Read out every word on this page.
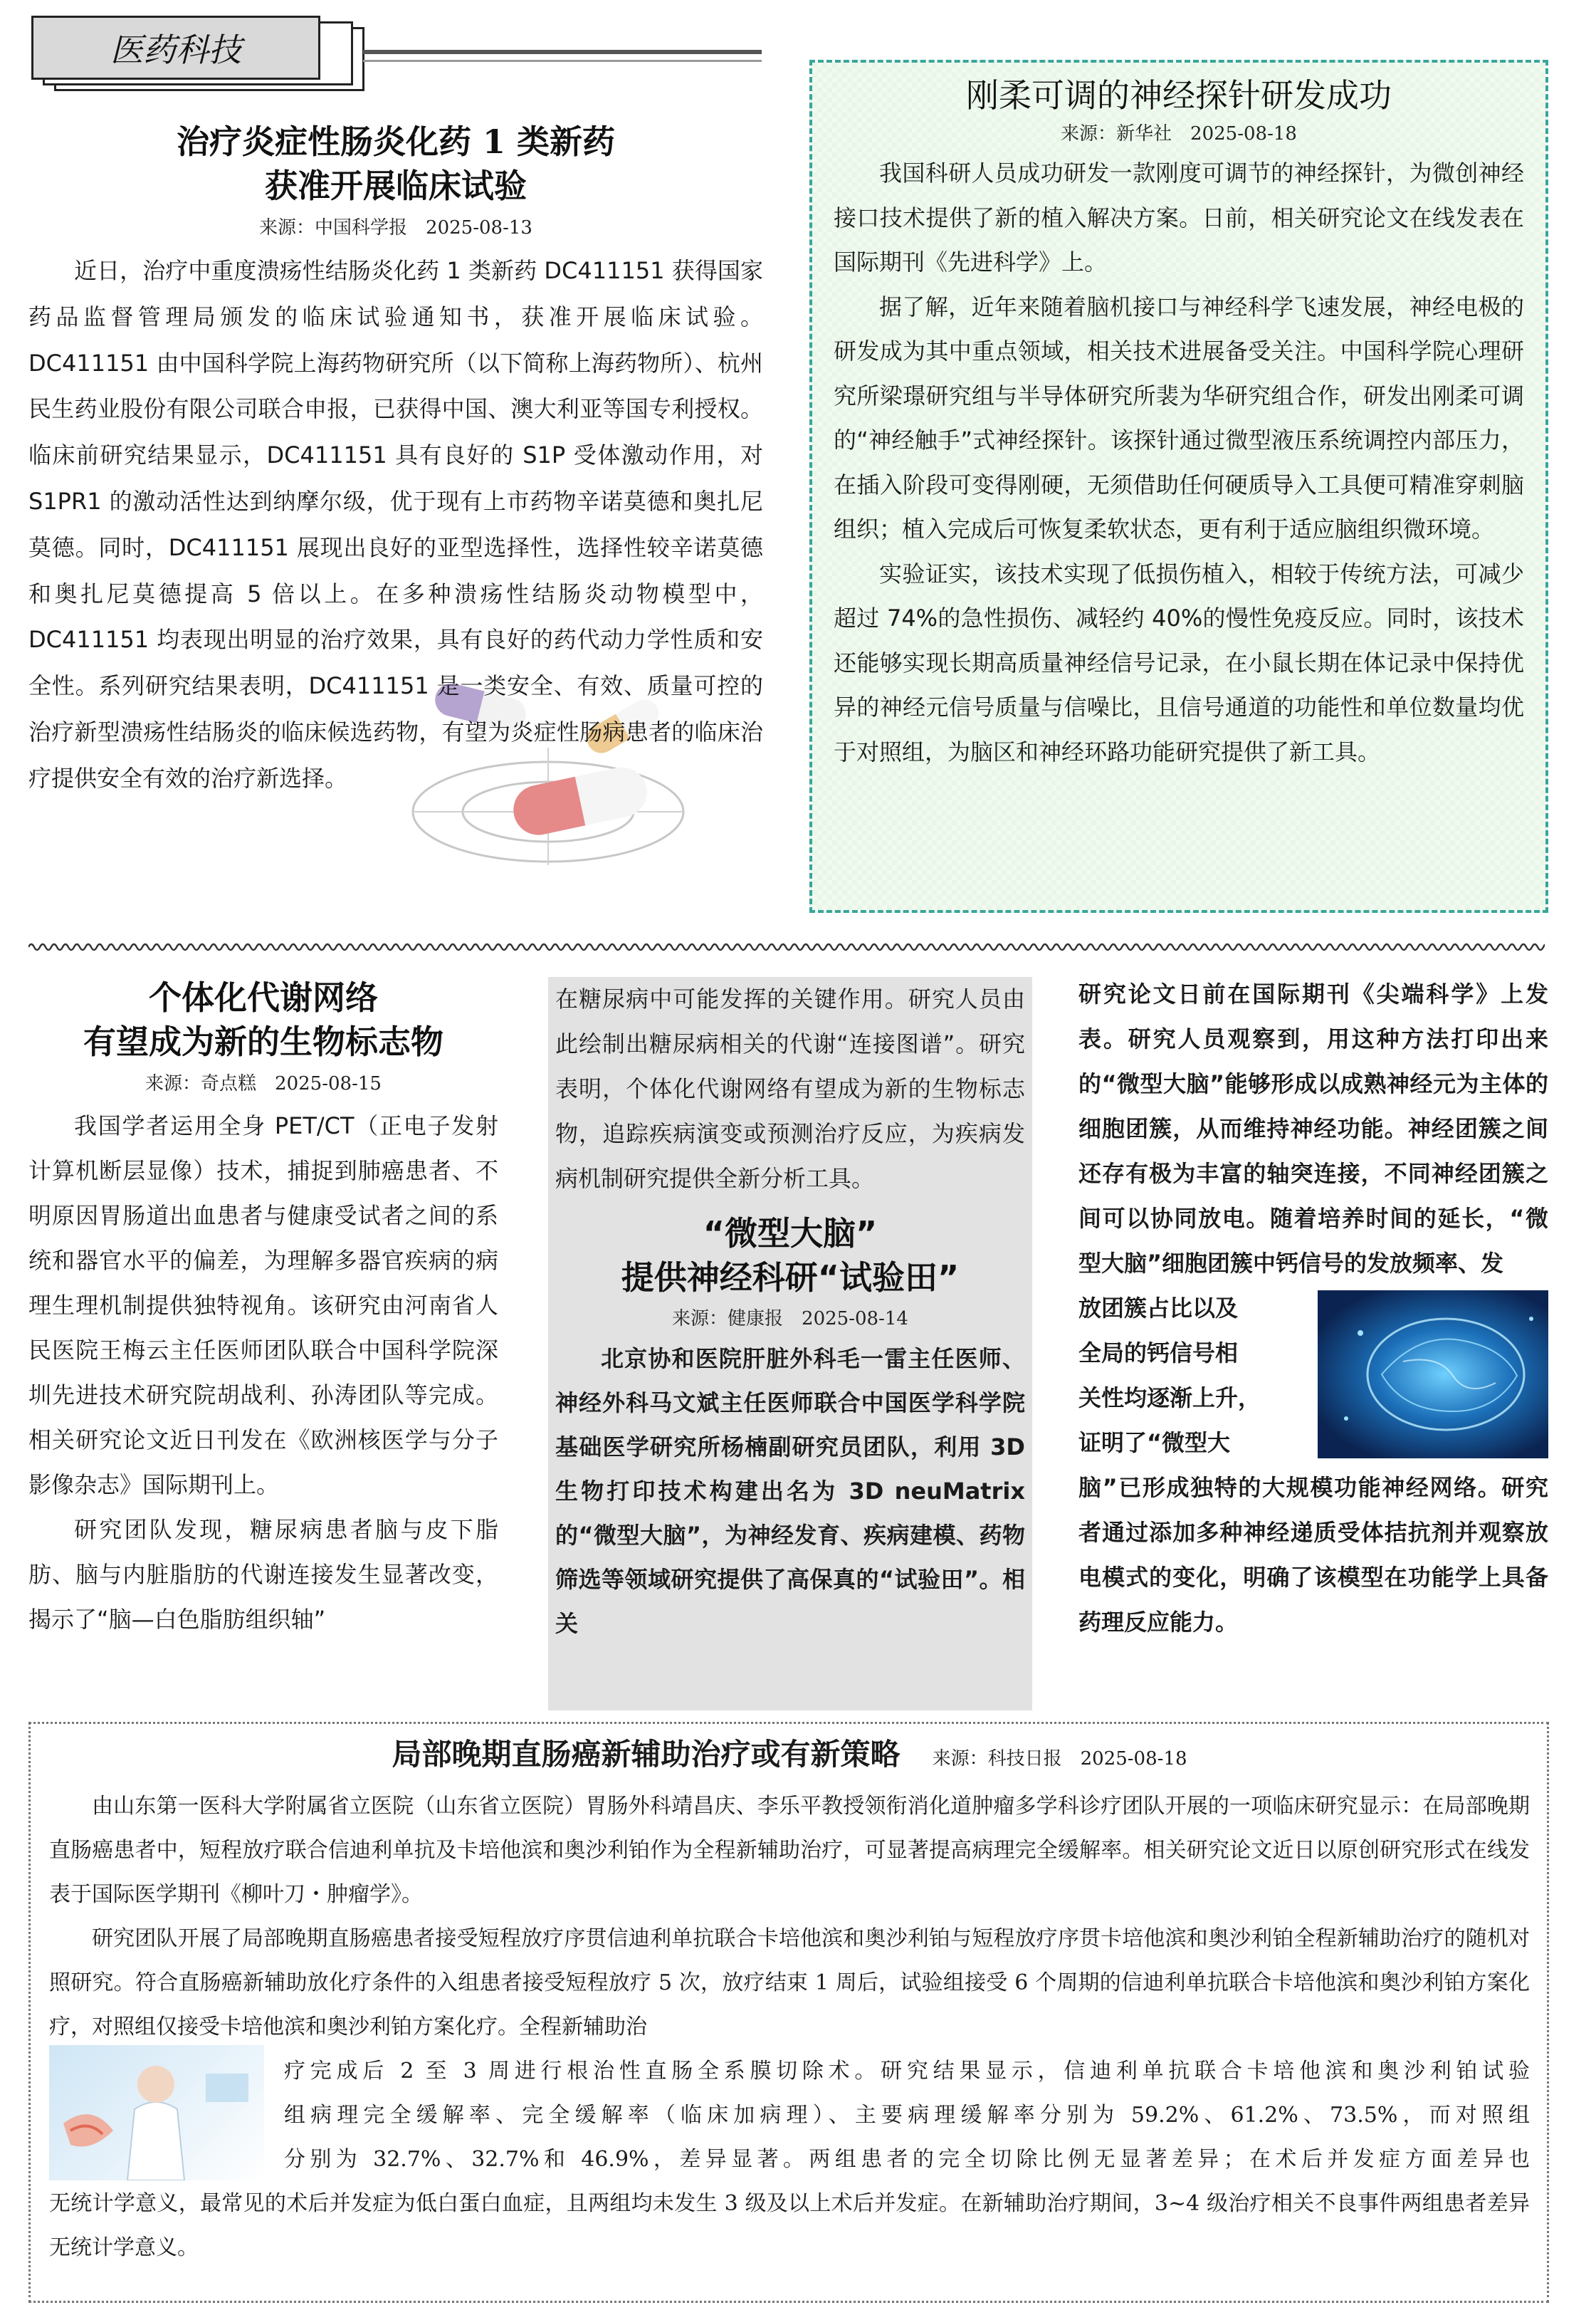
医药科技
治疗炎症性肠炎化药 1 类新药
获准开展临床试验
来源：中国科学报　2025-08-13

近日，治疗中重度溃疡性结肠炎化药 1 类新药 DC411151 获得国家药品监督管理局颁发的临床试验通知书，获准开展临床试验。DC411151 由中国科学院上海药物研究所（以下简称上海药物所）、杭州民生药业股份有限公司联合申报，已获得中国、澳大利亚等国专利授权。临床前研究结果显示，DC411151 具有良好的 S1P 受体激动作用，对 S1PR1 的激动活性达到纳摩尔级，优于现有上市药物辛诺莫德和奥扎尼莫德。同时，DC411151 展现出良好的亚型选择性，选择性较辛诺莫德和奥扎尼莫德提高 5 倍以上。在多种溃疡性结肠炎动物模型中，DC411151 均表现出明显的治疗效果，具有良好的药代动力学性质和安全性。系列研究结果表明，DC411151 是一类安全、有效、质量可控的治疗新型溃疡性结肠炎的临床候选药物，有望为炎症性肠病患者的临床治疗提供安全有效的治疗新选择。

刚柔可调的神经探针研发成功
来源：新华社　2025-08-18

我国科研人员成功研发一款刚度可调节的神经探针，为微创神经接口技术提供了新的植入解决方案。日前，相关研究论文在线发表在国际期刊《先进科学》上。

据了解，近年来随着脑机接口与神经科学飞速发展，神经电极的研发成为其中重点领域，相关技术进展备受关注。中国科学院心理研究所梁璟研究组与半导体研究所裴为华研究组合作，研发出刚柔可调的“神经触手”式神经探针。该探针通过微型液压系统调控内部压力，在插入阶段可变得刚硬，无须借助任何硬质导入工具便可精准穿刺脑组织；植入完成后可恢复柔软状态，更有利于适应脑组织微环境。

实验证实，该技术实现了低损伤植入，相较于传统方法，可减少超过 74%的急性损伤、减轻约 40%的慢性免疫反应。同时，该技术还能够实现长期高质量神经信号记录，在小鼠长期在体记录中保持优异的神经元信号质量与信噪比，且信号通道的功能性和单位数量均优于对照组，为脑区和神经环路功能研究提供了新工具。

个体化代谢网络
有望成为新的生物标志物
来源：奇点糕　2025-08-15

我国学者运用全身 PET/CT（正电子发射计算机断层显像）技术，捕捉到肺癌患者、不明原因胃肠道出血患者与健康受试者之间的系统和器官水平的偏差，为理解多器官疾病的病理生理机制提供独特视角。该研究由河南省人民医院王梅云主任医师团队联合中国科学院深圳先进技术研究院胡战利、孙涛团队等完成。相关研究论文近日刊发在《欧洲核医学与分子影像杂志》国际期刊上。

研究团队发现，糖尿病患者脑与皮下脂肪、脑与内脏脂肪的代谢连接发生显著改变，揭示了“脑—白色脂肪组织轴”

在糖尿病中可能发挥的关键作用。研究人员由此绘制出糖尿病相关的代谢“连接图谱”。研究表明，个体化代谢网络有望成为新的生物标志物，追踪疾病演变或预测治疗反应，为疾病发病机制研究提供全新分析工具。

“微型大脑”
提供神经科研“试验田”
来源：健康报　2025-08-14

北京协和医院肝脏外科毛一雷主任医师、神经外科马文斌主任医师联合中国医学科学院基础医学研究所杨楠副研究员团队，利用 3D 生物打印技术构建出名为 3D neuMatrix 的“微型大脑”，为神经发育、疾病建模、药物筛选等领域研究提供了高保真的“试验田”。相关

研究论文日前在国际期刊《尖端科学》上发表。研究人员观察到，用这种方法打印出来的“微型大脑”能够形成以成熟神经元为主体的细胞团簇，从而维持神经功能。神经团簇之间还存有极为丰富的轴突连接，不同神经团簇之间可以协同放电。随着培养时间的延长，“微型大脑”细胞团簇中钙信号的发放频率、发

放团簇占比以及
全局的钙信号相
关性均逐渐上升，
证明了“微型大

脑”已形成独特的大规模功能神经网络。研究者通过添加多种神经递质受体拮抗剂并观察放电模式的变化，明确了该模型在功能学上具备药理反应能力。

局部晚期直肠癌新辅助治疗或有新策略 来源：科技日报　2025-08-18

由山东第一医科大学附属省立医院（山东省立医院）胃肠外科靖昌庆、李乐平教授领衔消化道肿瘤多学科诊疗团队开展的一项临床研究显示：在局部晚期直肠癌患者中，短程放疗联合信迪利单抗及卡培他滨和奥沙利铂作为全程新辅助治疗，可显著提高病理完全缓解率。相关研究论文近日以原创研究形式在线发表于国际医学期刊《柳叶刀・肿瘤学》。

研究团队开展了局部晚期直肠癌患者接受短程放疗序贯信迪利单抗联合卡培他滨和奥沙利铂与短程放疗序贯卡培他滨和奥沙利铂全程新辅助治疗的随机对照研究。符合直肠癌新辅助放化疗条件的入组患者接受短程放疗 5 次，放疗结束 1 周后，试验组接受 6 个周期的信迪利单抗联合卡培他滨和奥沙利铂方案化疗，对照组仅接受卡培他滨和奥沙利铂方案化疗。全程新辅助治

疗完成后 2 至 3 周进行根治性直肠全系膜切除术。研究结果显示，信迪利单抗联合卡培他滨和奥沙利铂试验
组病理完全缓解率、完全缓解率（临床加病理）、主要病理缓解率分别为 59.2%、61.2%、73.5%，而对照组
分别为 32.7%、32.7%和 46.9%，差异显著。两组患者的完全切除比例无显著差异；在术后并发症方面差异也

无统计学意义，最常见的术后并发症为低白蛋白血症，且两组均未发生 3 级及以上术后并发症。在新辅助治疗期间，3~4 级治疗相关不良事件两组患者差异无统计学意义。
